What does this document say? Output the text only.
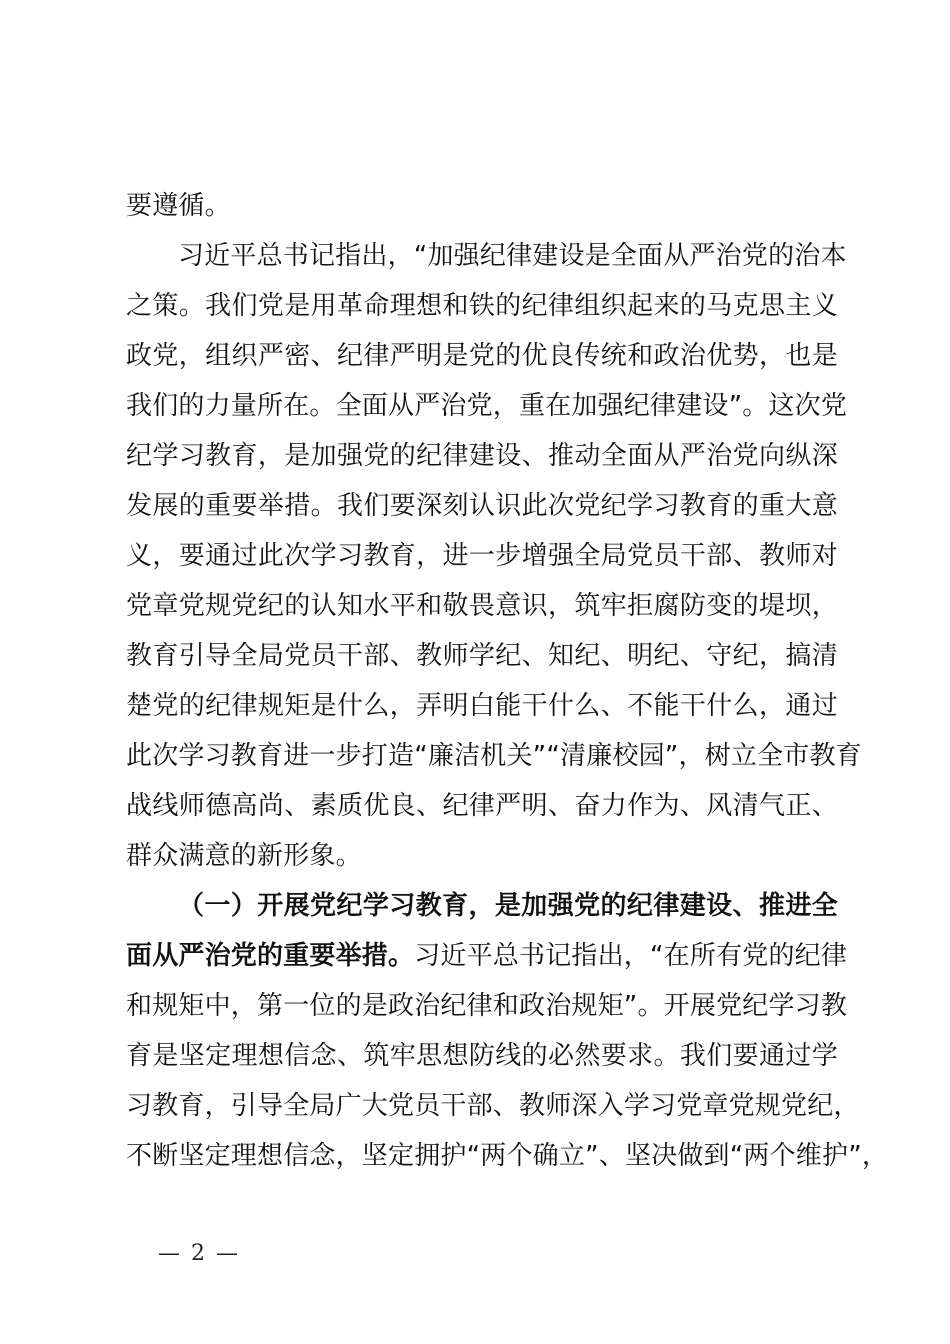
要遵循。
习近平总书记指出，“加强纪律建设是全面从严治党的治本
之策。我们党是用革命理想和铁的纪律组织起来的马克思主义
政党，组织严密、纪律严明是党的优良传统和政治优势，也是
我们的力量所在。全面从严治党，重在加强纪律建设”。这次党
纪学习教育，是加强党的纪律建设、推动全面从严治党向纵深
发展的重要举措。我们要深刻认识此次党纪学习教育的重大意
义，要通过此次学习教育，进一步增强全局党员干部、教师对
党章党规党纪的认知水平和敬畏意识，筑牢拒腐防变的堤坝，
教育引导全局党员干部、教师学纪、知纪、明纪、守纪，搞清
楚党的纪律规矩是什么，弄明白能干什么、不能干什么，通过
此次学习教育进一步打造“廉洁机关”“清廉校园”，树立全市教育
战线师德高尚、素质优良、纪律严明、奋力作为、风清气正、
群众满意的新形象。
（一）开展党纪学习教育，是加强党的纪律建设、推进全
面从严治党的重要举措。习近平总书记指出，“在所有党的纪律
和规矩中，第一位的是政治纪律和政治规矩”。开展党纪学习教
育是坚定理想信念、筑牢思想防线的必然要求。我们要通过学
习教育，引导全局广大党员干部、教师深入学习党章党规党纪，
不断坚定理想信念，坚定拥护“两个确立”、坚决做到“两个维护”，
— 2 —
